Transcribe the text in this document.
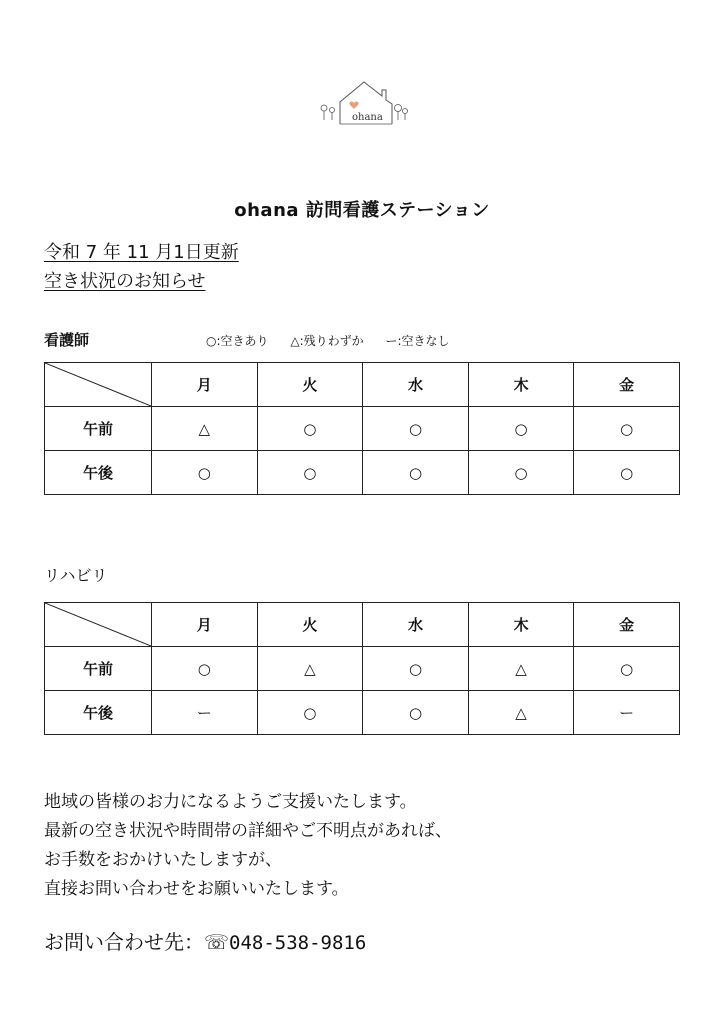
ohana
ohana 訪問看護ステーション
令和 7 年 11 月1日更新
空き状況のお知らせ
看護師	○:空きあり △:残りわずか ー:空きなし
	月	火	水	木	金
午前	△	○	○	○	○
午後	○	○	○	○	○
リハビリ
	月	火	水	木	金
午前	○	△	○	△	○
午後	ー	○	○	△	ー
地域の皆様のお力になるようご支援いたします。
最新の空き状況や時間帯の詳細やご不明点があれば、
お手数をおかけいたしますが、
直接お問い合わせをお願いいたします。
お問い合わせ先：☏048-538-9816
